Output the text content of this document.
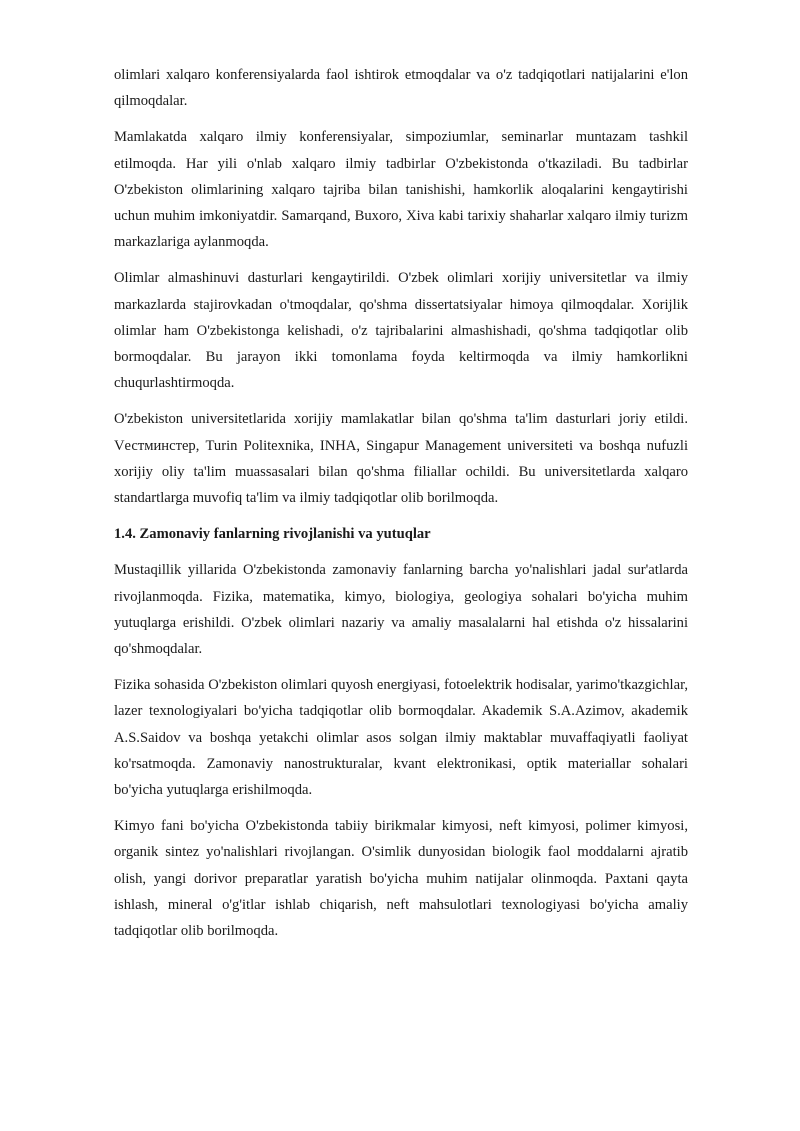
olimlari xalqaro konferensiyalarda faol ishtirok etmoqdalar va o'z tadqiqotlari natijalarini e'lon qilmoqdalar.

Mamlakatda xalqaro ilmiy konferensiyalar, simpoziumlar, seminarlar muntazam tashkil etilmoqda. Har yili o'nlab xalqaro ilmiy tadbirlar O'zbekistonda o'tkaziladi. Bu tadbirlar O'zbekiston olimlarining xalqaro tajriba bilan tanishishi, hamkorlik aloqalarini kengaytirishi uchun muhim imkoniyatdir. Samarqand, Buxoro, Xiva kabi tarixiy shaharlar xalqaro ilmiy turizm markazlariga aylanmoqda.

Olimlar almashinuvi dasturlari kengaytirildi. O'zbek olimlari xorijiy universitetlar va ilmiy markazlarda stajirovkadan o'tmoqdalar, qo'shma dissertatsiyalar himoya qilmoqdalar. Xorijlik olimlar ham O'zbekistonga kelishadi, o'z tajribalarini almashishadi, qo'shma tadqiqotlar olib bormoqdalar. Bu jarayon ikki tomonlama foyda keltirmoqda va ilmiy hamkorlikni chuqurlashtirmoqda.

O'zbekiston universitetlarida xorijiy mamlakatlar bilan qo'shma ta'lim dasturlari joriy etildi. Vестминстер, Turin Politexnika, INHA, Singapur Management universiteti va boshqa nufuzli xorijiy oliy ta'lim muassasalari bilan qo'shma filiallar ochildi. Bu universitetlarda xalqaro standartlarga muvofiq ta'lim va ilmiy tadqiqotlar olib borilmoqda.

1.4. Zamonaviy fanlarning rivojlanishi va yutuqlar

Mustaqillik yillarida O'zbekistonda zamonaviy fanlarning barcha yo'nalishlari jadal sur'atlarda rivojlanmoqda. Fizika, matematika, kimyo, biologiya, geologiya sohalari bo'yicha muhim yutuqlarga erishildi. O'zbek olimlari nazariy va amaliy masalalarni hal etishda o'z hissalarini qo'shmoqdalar.

Fizika sohasida O'zbekiston olimlari quyosh energiyasi, fotoelektrik hodisalar, yarimo'tkazgichlar, lazer texnologiyalari bo'yicha tadqiqotlar olib bormoqdalar. Akademik S.A.Azimov, akademik A.S.Saidov va boshqa yetakchi olimlar asos solgan ilmiy maktablar muvaffaqiyatli faoliyat ko'rsatmoqda. Zamonaviy nanostrukturalar, kvant elektronikasi, optik materiallar sohalari bo'yicha yutuqlarga erishilmoqda.

Kimyo fani bo'yicha O'zbekistonda tabiiy birikmalar kimyosi, neft kimyosi, polimer kimyosi, organik sintez yo'nalishlari rivojlangan. O'simlik dunyosidan biologik faol moddalarni ajratib olish, yangi dorivor preparatlar yaratish bo'yicha muhim natijalar olinmoqda. Paxtani qayta ishlash, mineral o'g'itlar ishlab chiqarish, neft mahsulotlari texnologiyasi bo'yicha amaliy tadqiqotlar olib borilmoqda.
